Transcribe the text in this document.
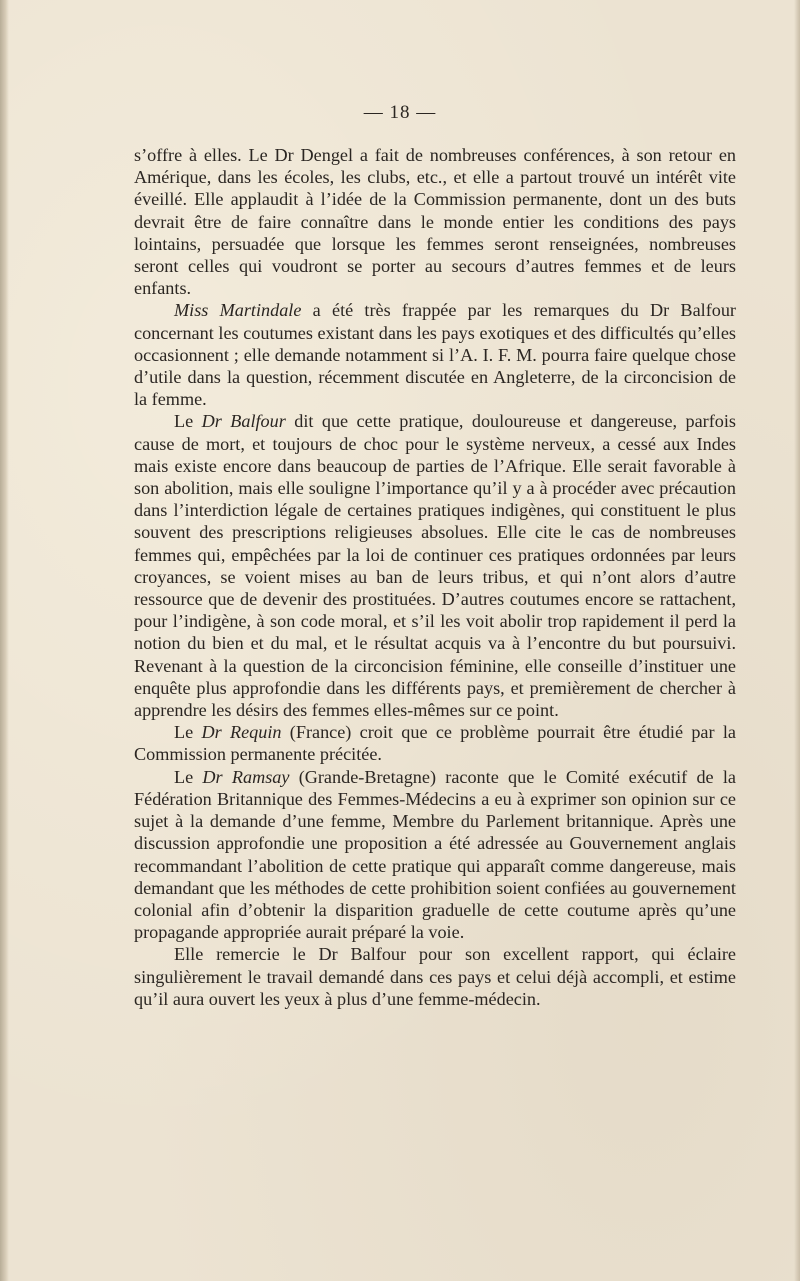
— 18 —

s’offre à elles. Le Dr Dengel a fait de nombreuses conférences, à son retour en Amérique, dans les écoles, les clubs, etc., et elle a partout trouvé un intérêt vite éveillé. Elle applaudit à l’idée de la Commission permanente, dont un des buts devrait être de faire connaître dans le monde entier les conditions des pays lointains, persuadée que lorsque les femmes seront renseignées, nombreuses seront celles qui voudront se porter au secours d’autres femmes et de leurs enfants.

Miss Martindale a été très frappée par les remarques du Dr Balfour concernant les coutumes existant dans les pays exotiques et des difficultés qu’elles occasionnent ; elle demande notamment si l’A. I. F. M. pourra faire quelque chose d’utile dans la question, récemment discutée en Angleterre, de la circoncision de la femme.

Le Dr Balfour dit que cette pratique, douloureuse et dangereuse, parfois cause de mort, et toujours de choc pour le système nerveux, a cessé aux Indes mais existe encore dans beaucoup de parties de l’Afrique. Elle serait favorable à son abolition, mais elle souligne l’importance qu’il y a à procéder avec précaution dans l’interdiction légale de certaines pratiques indigènes, qui constituent le plus souvent des prescriptions religieuses absolues. Elle cite le cas de nombreuses femmes qui, empêchées par la loi de continuer ces pratiques ordonnées par leurs croyances, se voient mises au ban de leurs tribus, et qui n’ont alors d’autre ressource que de devenir des prostituées. D’autres coutumes encore se rattachent, pour l’indigène, à son code moral, et s’il les voit abolir trop rapidement il perd la notion du bien et du mal, et le résultat acquis va à l’encontre du but poursuivi. Revenant à la question de la circoncision féminine, elle conseille d’instituer une enquête plus approfondie dans les différents pays, et premièrement de chercher à apprendre les désirs des femmes elles-mêmes sur ce point.

Le Dr Requin (France) croit que ce problème pourrait être étudié par la Commission permanente précitée.

Le Dr Ramsay (Grande-Bretagne) raconte que le Comité exécutif de la Fédération Britannique des Femmes-Médecins a eu à exprimer son opinion sur ce sujet à la demande d’une femme, Membre du Parlement britannique. Après une discussion approfondie une proposition a été adressée au Gouvernement anglais recommandant l’abolition de cette pratique qui apparaît comme dangereuse, mais demandant que les méthodes de cette prohibition soient confiées au gouvernement colonial afin d’obtenir la disparition graduelle de cette coutume après qu’une propagande appropriée aurait préparé la voie.

Elle remercie le Dr Balfour pour son excellent rapport, qui éclaire singulièrement le travail demandé dans ces pays et celui déjà accompli, et estime qu’il aura ouvert les yeux à plus d’une femme-médecin.
